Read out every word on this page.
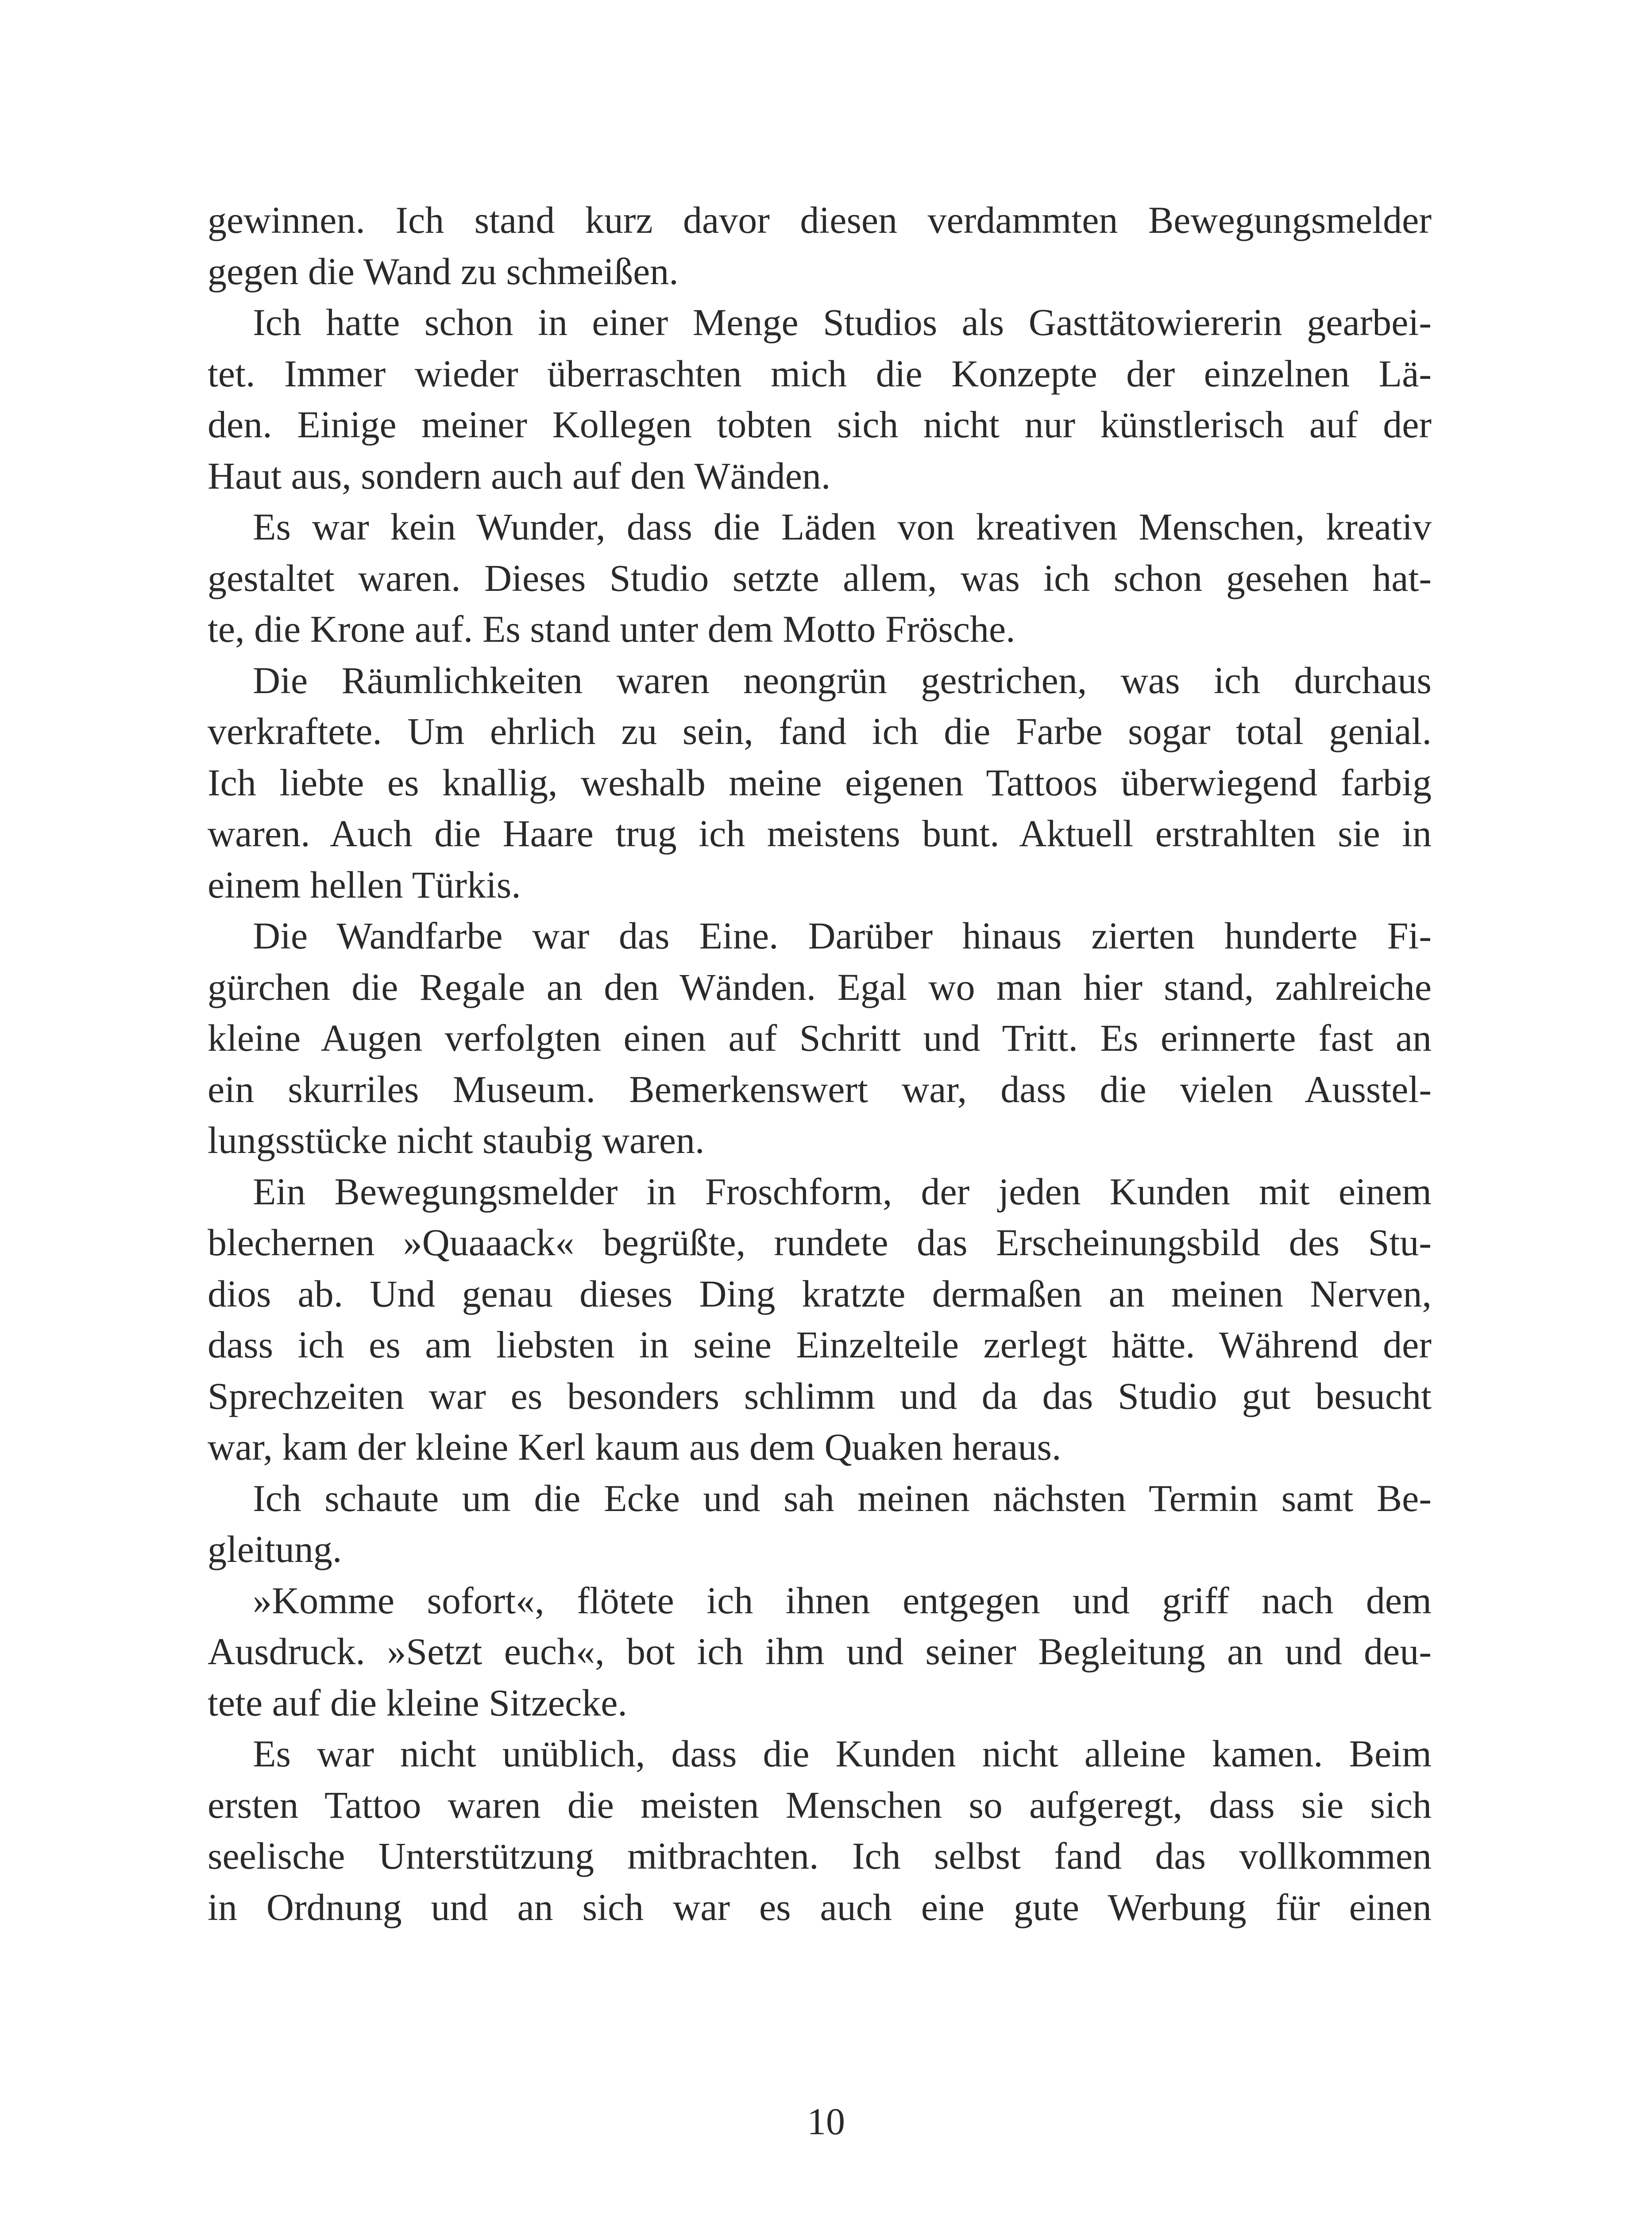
gewinnen. Ich stand kurz davor diesen verdammten Bewegungsmelder
gegen die Wand zu schmeißen.
Ich hatte schon in einer Menge Studios als Gasttätowiererin gearbei-
tet. Immer wieder überraschten mich die Konzepte der einzelnen Lä-
den. Einige meiner Kollegen tobten sich nicht nur künstlerisch auf der
Haut aus, sondern auch auf den Wänden.
Es war kein Wunder, dass die Läden von kreativen Menschen, kreativ
gestaltet waren. Dieses Studio setzte allem, was ich schon gesehen hat-
te, die Krone auf. Es stand unter dem Motto Frösche.
Die Räumlichkeiten waren neongrün gestrichen, was ich durchaus
verkraftete. Um ehrlich zu sein, fand ich die Farbe sogar total genial.
Ich liebte es knallig, weshalb meine eigenen Tattoos überwiegend farbig
waren. Auch die Haare trug ich meistens bunt. Aktuell erstrahlten sie in
einem hellen Türkis.
Die Wandfarbe war das Eine. Darüber hinaus zierten hunderte Fi-
gürchen die Regale an den Wänden. Egal wo man hier stand, zahlreiche
kleine Augen verfolgten einen auf Schritt und Tritt. Es erinnerte fast an
ein skurriles Museum. Bemerkenswert war, dass die vielen Ausstel-
lungsstücke nicht staubig waren.
Ein Bewegungsmelder in Froschform, der jeden Kunden mit einem
blechernen »Quaaack« begrüßte, rundete das Erscheinungsbild des Stu-
dios ab. Und genau dieses Ding kratzte dermaßen an meinen Nerven,
dass ich es am liebsten in seine Einzelteile zerlegt hätte. Während der
Sprechzeiten war es besonders schlimm und da das Studio gut besucht
war, kam der kleine Kerl kaum aus dem Quaken heraus.
Ich schaute um die Ecke und sah meinen nächsten Termin samt Be-
gleitung.
»Komme sofort«, flötete ich ihnen entgegen und griff nach dem
Ausdruck. »Setzt euch«, bot ich ihm und seiner Begleitung an und deu-
tete auf die kleine Sitzecke.
Es war nicht unüblich, dass die Kunden nicht alleine kamen. Beim
ersten Tattoo waren die meisten Menschen so aufgeregt, dass sie sich
seelische Unterstützung mitbrachten. Ich selbst fand das vollkommen
in Ordnung und an sich war es auch eine gute Werbung für einen
10
